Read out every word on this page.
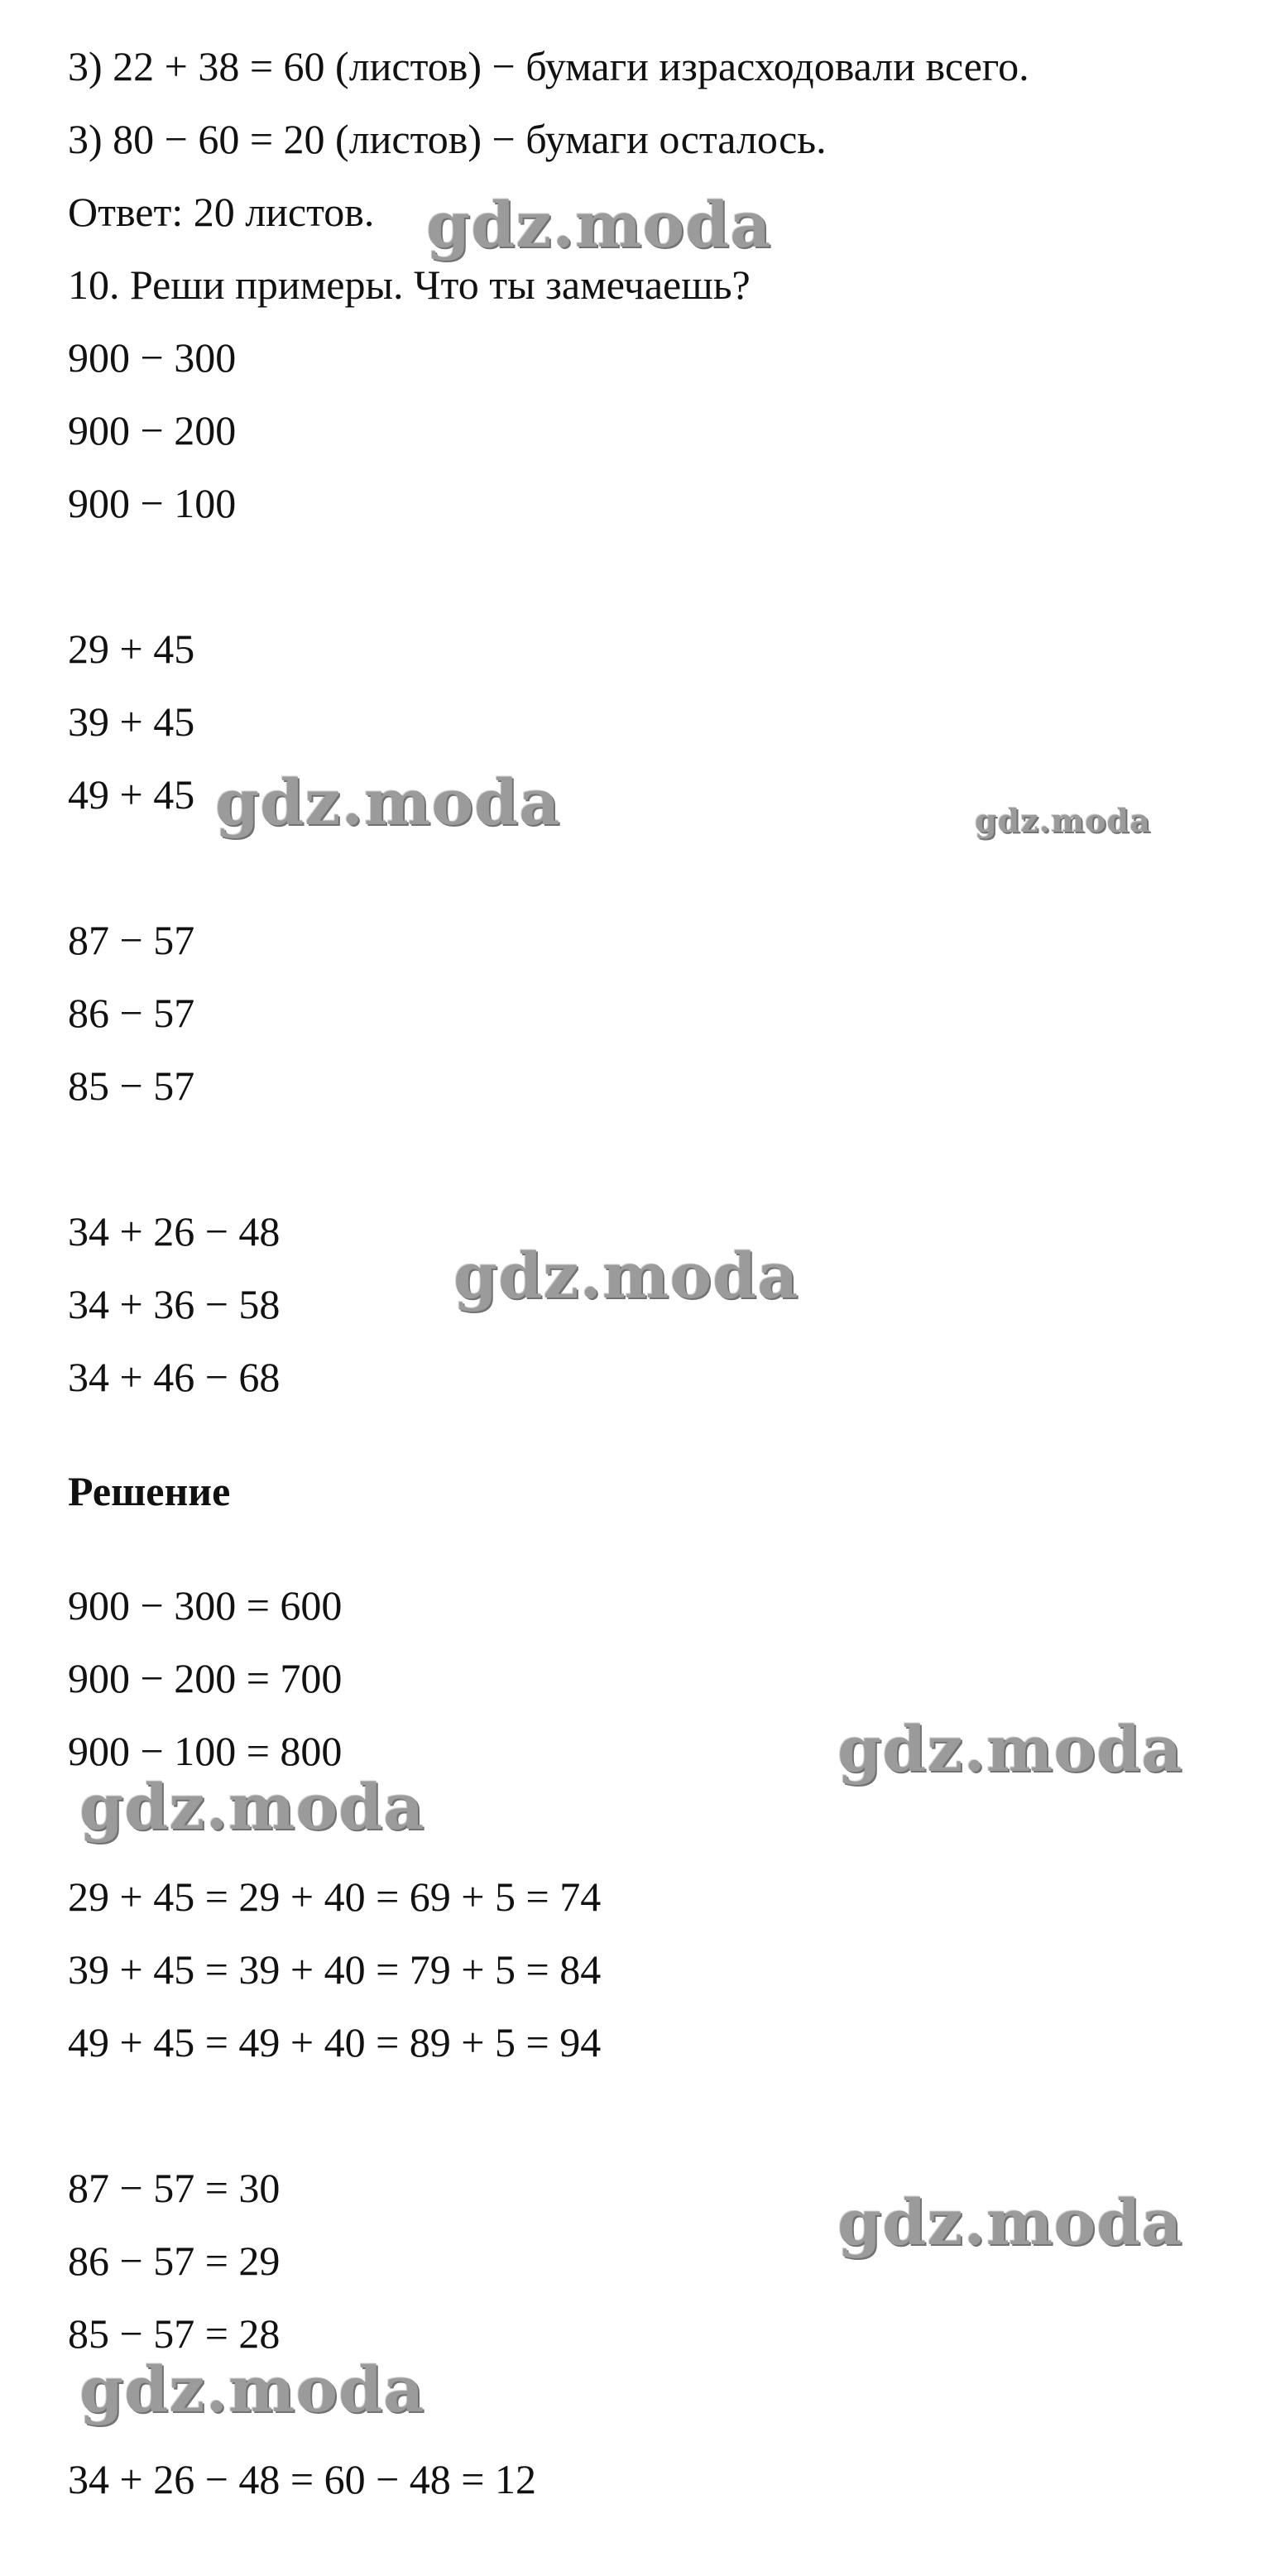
3) 22 + 38 = 60 (листов) − бумаги израсходовали всего.
3) 80 − 60 = 20 (листов) − бумаги осталось.
Ответ: 20 листов.
10. Реши примеры. Что ты замечаешь?
900 − 300
900 − 200
900 − 100
29 + 45
39 + 45
49 + 45
87 − 57
86 − 57
85 − 57
34 + 26 − 48
34 + 36 − 58
34 + 46 − 68
Решение
900 − 300 = 600
900 − 200 = 700
900 − 100 = 800
29 + 45 = 29 + 40 = 69 + 5 = 74
39 + 45 = 39 + 40 = 79 + 5 = 84
49 + 45 = 49 + 40 = 89 + 5 = 94
87 − 57 = 30
86 − 57 = 29
85 − 57 = 28
34 + 26 − 48 = 60 − 48 = 12
gdz.moda
gdz.moda	gdz.moda
gdz.moda
gdz.moda
gdz.moda
gdz.moda
gdz.moda
